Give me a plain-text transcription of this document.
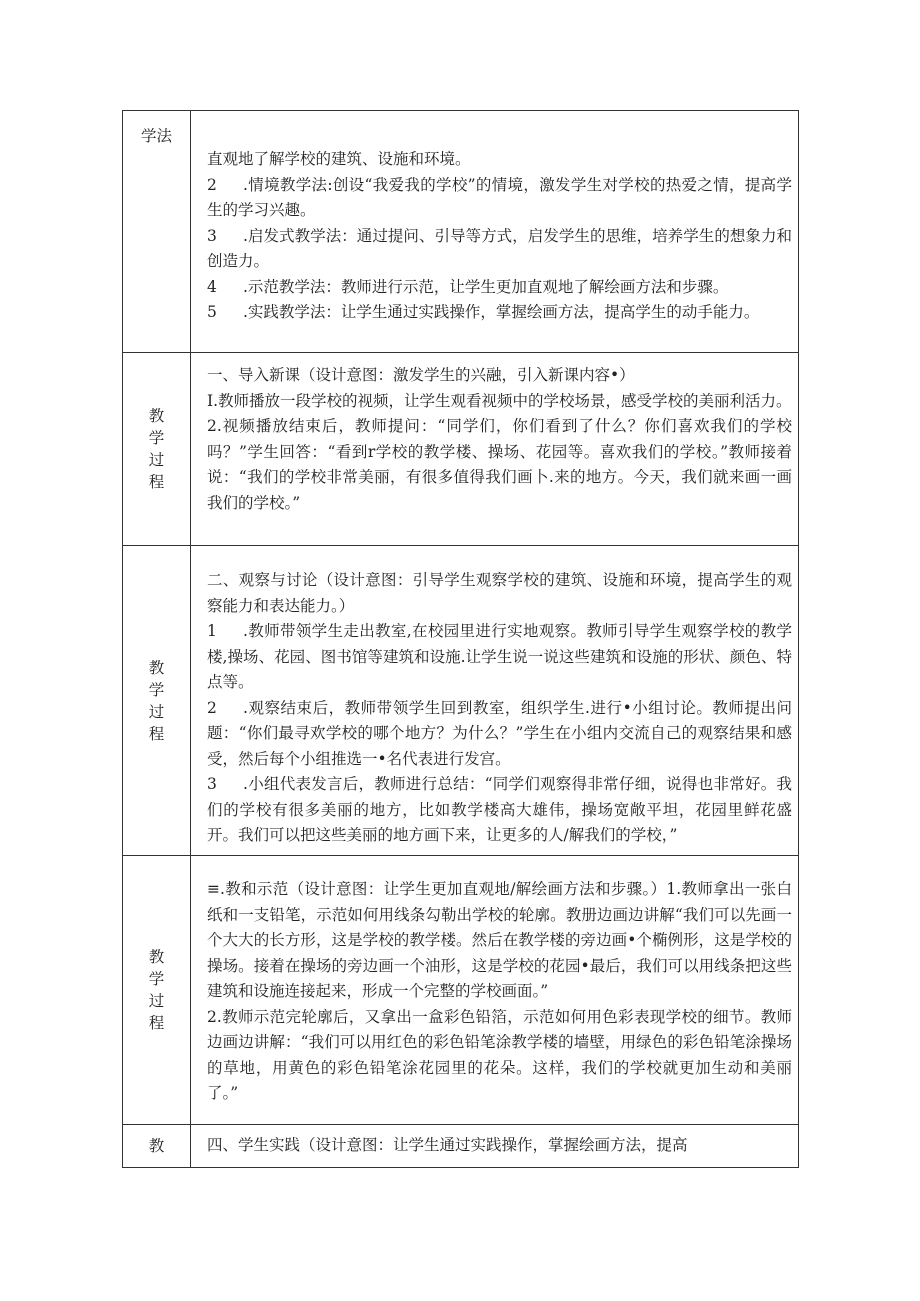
学法

直观地了解学校的建筑、设施和环境。

2 .情境教学法:创设“我爱我的学校”的情境，激发学生对学校的热爱之情，提高学生的学习兴趣。

3 .启发式教学法：通过提问、引导等方式，启发学生的思维，培养学生的想象力和创造力。

4 .示范教学法：教师进行示范，让学生更加直观地了解绘画方法和步骤。

5 .实践教学法：让学生通过实践操作，掌握绘画方法，提高学生的动手能力。

教学过程

一、导入新课（设计意图：激发学生的兴融，引入新课内容•）

I.教师播放一段学校的视频，让学生观看视频中的学校场景，感受学校的美丽利活力。

2.视频播放结束后，教师提问：“同学们，你们看到了什么？你们喜欢我们的学校吗？”学生回答：“看到r学校的教学楼、操场、花园等。喜欢我们的学校。”教师接着说：“我们的学校非常美丽，有很多值得我们画卜.来的地方。今天，我们就来画一画我们的学校。”

教学过程

二、观察与讨论（设计意图：引导学生观察学校的建筑、设施和环境，提高学生的观察能力和表达能力。）

1 .教师带领学生走出教室,在校园里进行实地观察。教师引导学生观察学校的教学楼,操场、花园、图书馆等建筑和设施.让学生说一说这些建筑和设施的形状、颜色、特点等。

2 .观察结束后，教师带领学生回到教室，组织学生.进行•小组讨论。教师提出问题：“你们最寻欢学校的哪个地方？为什么？”学生在小组内交流自己的观察结果和感受，然后每个小组推选一•名代表进行发宫。

3 .小组代表发言后，教师进行总结：“同学们观察得非常仔细，说得也非常好。我们的学校有很多美丽的地方，比如教学楼高大雄伟，操场宽敞平坦，花园里鲜花盛开。我们可以把这些美丽的地方画下来，让更多的人/解我们的学校，”

教学过程

≡.教和示范（设计意图：让学生更加直观地/解绘画方法和步骤。）1.教师拿出一张白纸和一支铅笔，示范如何用线条勾勒出学校的轮廓。教册边画边讲解“我们可以先画一个大大的长方形，这是学校的教学楼。然后在教学楼的旁边画•个椭例形，这是学校的操场。接着在操场的旁边画一个油形，这是学校的花园•最后，我们可以用线条把这些建筑和设施连接起来，形成一个完整的学校画面。”

2.教师示范完轮廓后，又拿出一盒彩色铅箔，示范如何用色彩表现学校的细节。教师边画边讲解：“我们可以用红色的彩色铅笔涂教学楼的墙壁，用绿色的彩色铅笔涂操场的草地，用黄色的彩色铅笔涂花园里的花朵。这样，我们的学校就更加生动和美丽了。”

教	四、学生实践（设计意图：让学生通过实践操作，掌握绘画方法，提高
